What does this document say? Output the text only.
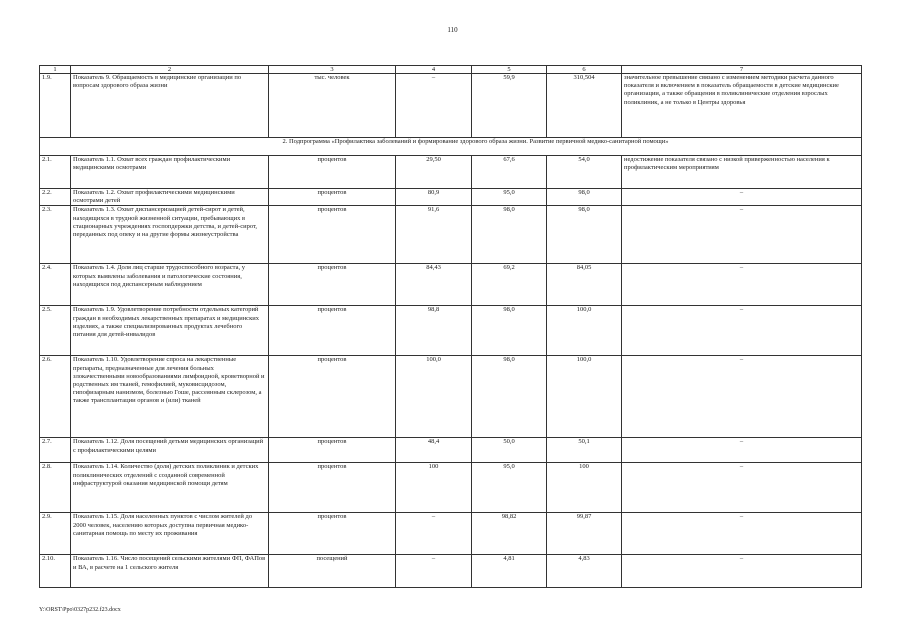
110
1	2	3	4	5	6	7
1.9.	Показатель 9. Обращаемость в медицинские организации по вопросам здорового образа жизни	тыс. человек	–	59,9	310,504	значительное превышение связано с изменением методики расчета данного показателя и включением в показатель обращаемости в детские медицинские организации, а также обращения в поликлинические отделения взрослых поликлиник, а не только в Центры здоровья
2. Подпрограмма «Профилактика заболеваний и формирование здорового образа жизни. Развитие первичной медико-санитарной помощи»						
2.1.	Показатель 1.1. Охват всех граждан профилактическими медицинскими осмотрами	процентов	29,50	67,6	54,0	недостижение показателя связано с низкой приверженностью населения к профилактическим мероприятиям
2.2.	Показатель 1.2. Охват профилактическими медицинскими осмотрами детей	процентов	80,9	95,0	98,0	–
2.3.	Показатель 1.3. Охват диспансеризацией детей-сирот и детей, находящихся в трудной жизненной ситуации, пребывающих в стационарных учреждениях госпопдержки детства, и детей-сирот, переданных под опеку и на другие формы жизнеустройства	процентов	91,6	98,0	98,0	–
2.4.	Показатель 1.4. Доля лиц старше трудоспособного возраста, у которых выявлены заболевания и патологические состояния, находящихся под диспансерным наблюдением	процентов	84,43	69,2	84,05	–
2.5.	Показатель 1.9. Удовлетворение потребности отдельных категорий граждан в необходимых лекарственных препаратах и медицинских изделиях, а также специализированных продуктах лечебного питания для детей-инвалидов	процентов	98,8	98,0	100,0	–
2.6.	Показатель 1.10. Удовлетворение спроса на лекарственные препараты, предназначенные для лечения больных злокачественными новообразованиями лимфоидной, кроветворной и родственных им тканей, гемофилией, муковисцидозом, гипофизарным нанизмом, болезнью Гоше, рассеянным склерозом, а также трансплантации органов и (или) тканей	процентов	100,0	98,0	100,0	–
2.7.	Показатель 1.12. Доля посещений детьми медицинских организаций с профилактическими целями	процентов	48,4	50,0	50,1	–
2.8.	Показатель 1.14. Количество (доля) детских поликлиник и детских поликлинических отделений с созданной современной инфраструктурой оказания медицинской помощи детям	процентов	100	95,0	100	–
2.9.	Показатель 1.15. Доля населенных пунктов с числом жителей до 2000 человек, населению которых доступна первичная медико-санитарная помощь по месту их проживания	процентов	–	98,82	99,87	–
2.10.	Показатель 1.16. Число посещений сельскими жителями ФП, ФАПов и ВА, в расчете на 1 сельского жителя	посещений	–	4,81	4,83	–
Y:\ORST\Ppo\0327p232.f23.docx
